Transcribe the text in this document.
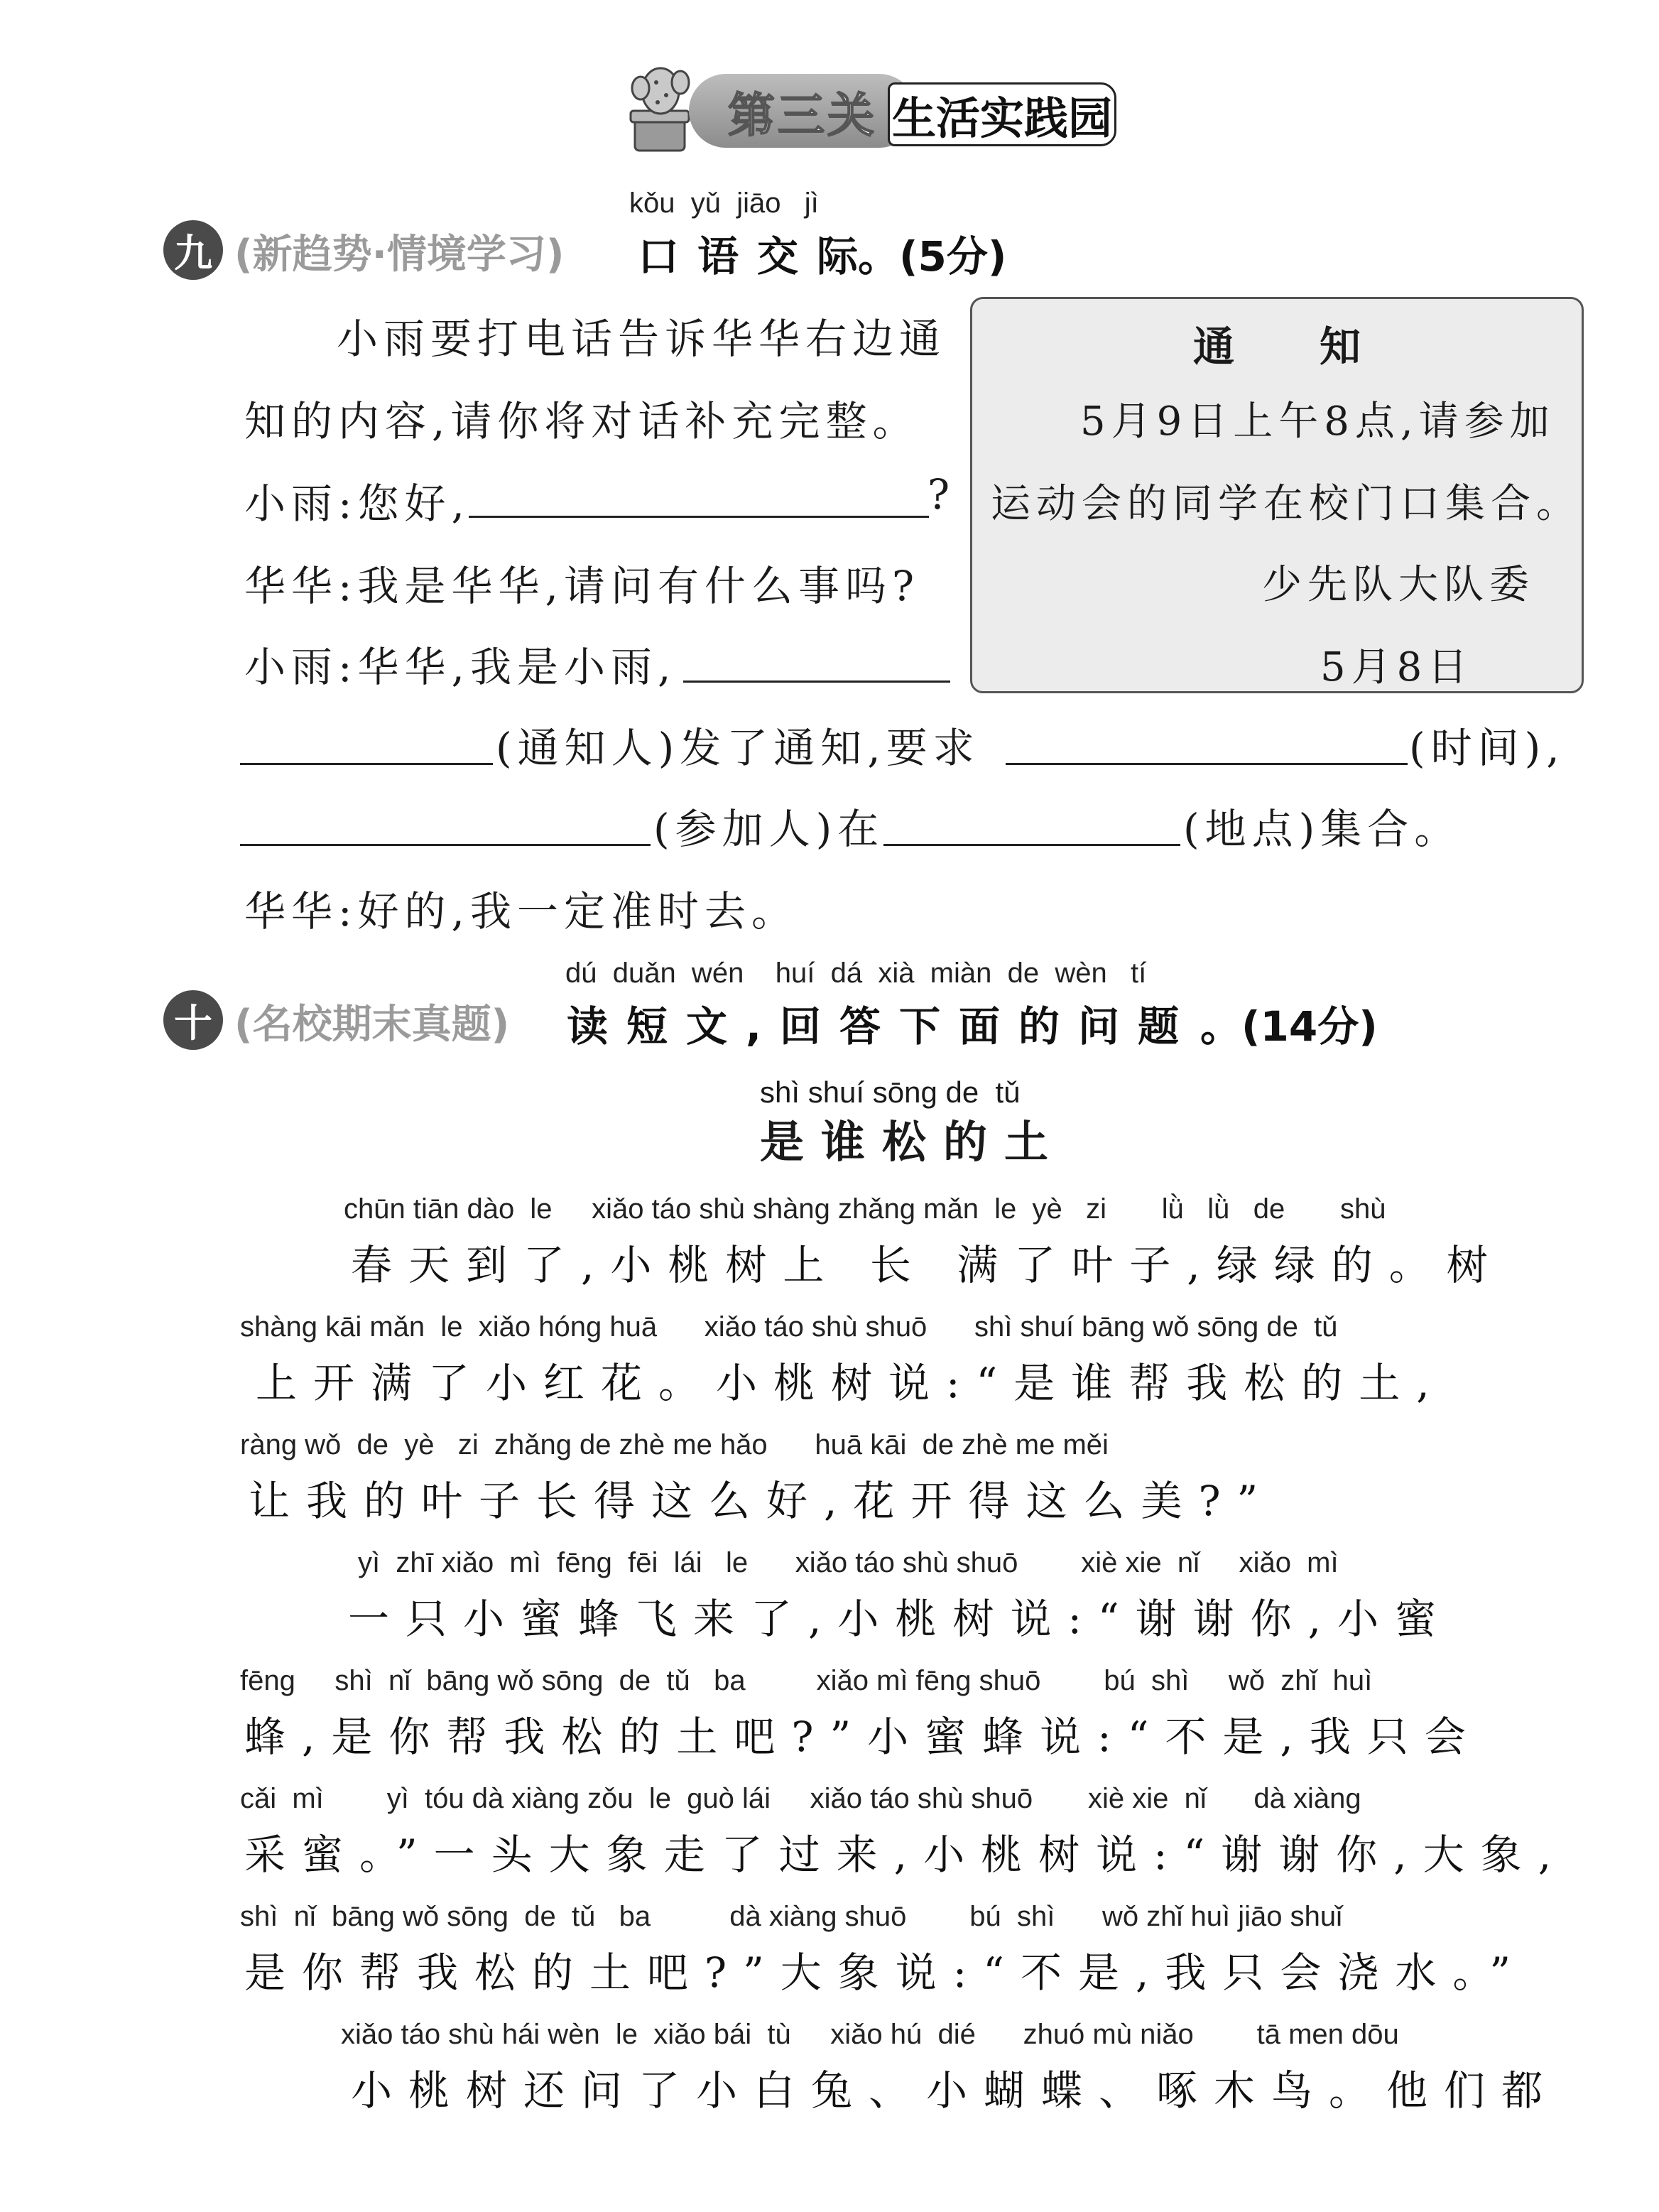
第三关 生活实践园
kǒu  yǔ  jiāo   jì
九 (新趋势·情境学习) 口语交际
。(5分)
小雨要打电话告诉华华右边通
知的内容,请你将对话补充完整。
小雨:您好,	?
华华:我是华华,请问有什么事吗?
小雨:华华,我是小雨,
(通知人)发了通知,要求	(时间),
(参加人)在	(地点)集合。
华华:好的,我一定准时去。
通知
5月9日上午8点,请参加
运动会的同学在校门口集合。
少先队大队委
5月8日
dú  duǎn  wén    huí  dá  xià  miàn  de  wèn   tí
十 (名校期末真题) 读短文,回答下面的问题 。(14分)
shì shuí sōng de  tǔ
是谁松的土
chūn tiān dào  le     xiǎo táo shù shàng zhǎng mǎn  le  yè   zi       lǜ   lǜ   de       shù
春天到了,小桃树上 长 满了叶子,绿绿的。树
shàng kāi mǎn  le  xiǎo hóng huā      xiǎo táo shù shuō      shì shuí bāng wǒ sōng de  tǔ
上开满了小红花。小桃树说:“是谁帮我松的土,
ràng wǒ  de  yè   zi  zhǎng de zhè me hǎo      huā kāi  de zhè me měi
让我的叶子长得这么好,花开得这么美?”
yì  zhī xiǎo  mì  fēng  fēi  lái   le      xiǎo táo shù shuō        xiè xie  nǐ     xiǎo  mì
一只小蜜蜂飞来了,小桃树说:“谢谢你,小蜜
fēng     shì  nǐ  bāng wǒ sōng  de  tǔ   ba         xiǎo mì fēng shuō        bú  shì     wǒ  zhǐ  huì
蜂,是你帮我松的土吧?”小蜜蜂说:“不是,我只会
cǎi  mì        yì  tóu dà xiàng zǒu  le  guò lái     xiǎo táo shù shuō       xiè xie  nǐ      dà xiàng
采蜜。”一头大象走了过来,小桃树说:“谢谢你,大象,
shì  nǐ  bāng wǒ sōng  de  tǔ   ba          dà xiàng shuō        bú  shì      wǒ zhǐ huì jiāo shuǐ
是你帮我松的土吧?”大象说:“不是,我只会浇水。”
xiǎo táo shù hái wèn  le  xiǎo bái  tù     xiǎo hú  dié      zhuó mù niǎo        tā men dōu
小桃树还问了小白兔、小蝴蝶、啄木鸟。他们都
